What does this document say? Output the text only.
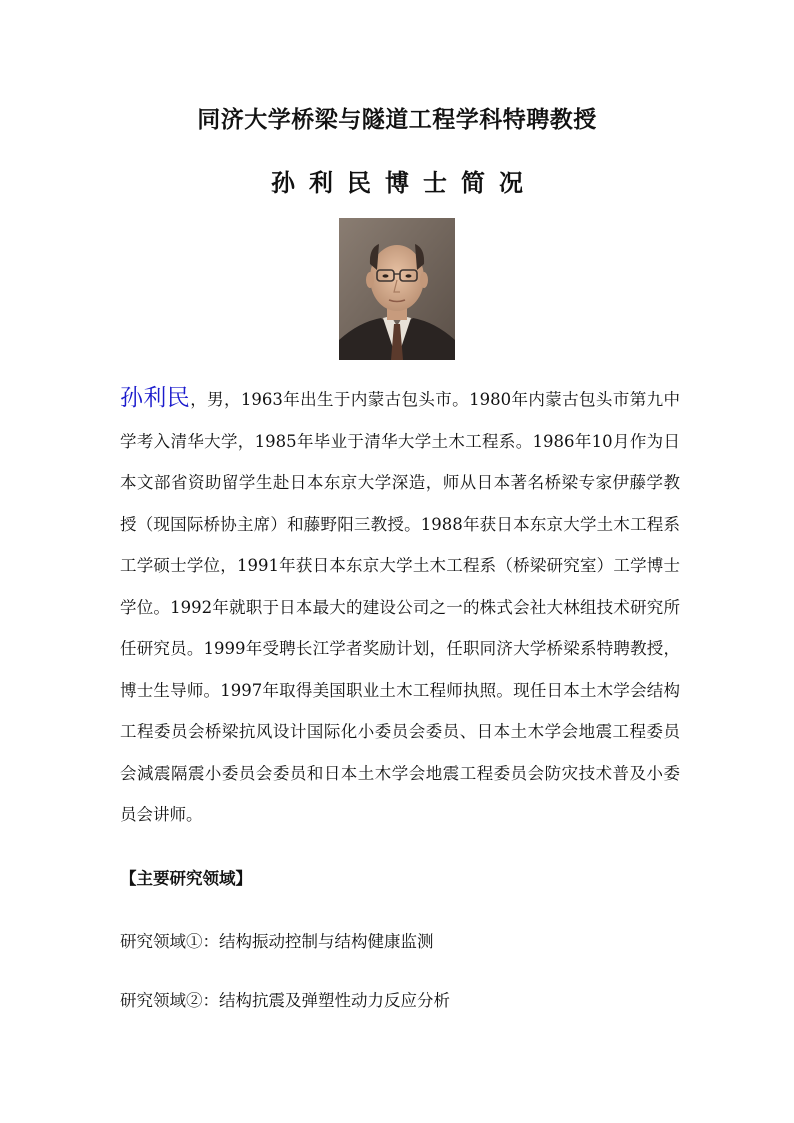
同济大学桥梁与隧道工程学科特聘教授
孙利民博士简况
孙利民，男，1963年出生于内蒙古包头市。1980年内蒙古包头市第九中学考入清华大学，1985年毕业于清华大学土木工程系。1986年10月作为日本文部省资助留学生赴日本东京大学深造，师从日本著名桥梁专家伊藤学教授（现国际桥协主席）和藤野阳三教授。1988年获日本东京大学土木工程系工学硕士学位，1991年获日本东京大学土木工程系（桥梁研究室）工学博士学位。1992年就职于日本最大的建设公司之一的株式会社大林组技术研究所任研究员。1999年受聘长江学者奖励计划，任职同济大学桥梁系特聘教授，博士生导师。1997年取得美国职业土木工程师执照。现任日本土木学会结构工程委员会桥梁抗风设计国际化小委员会委员、日本土木学会地震工程委员会減震隔震小委员会委员和日本土木学会地震工程委员会防灾技术普及小委员会讲师。
【主要研究领域】
研究领域①：结构振动控制与结构健康监测
研究领域②：结构抗震及弹塑性动力反应分析
